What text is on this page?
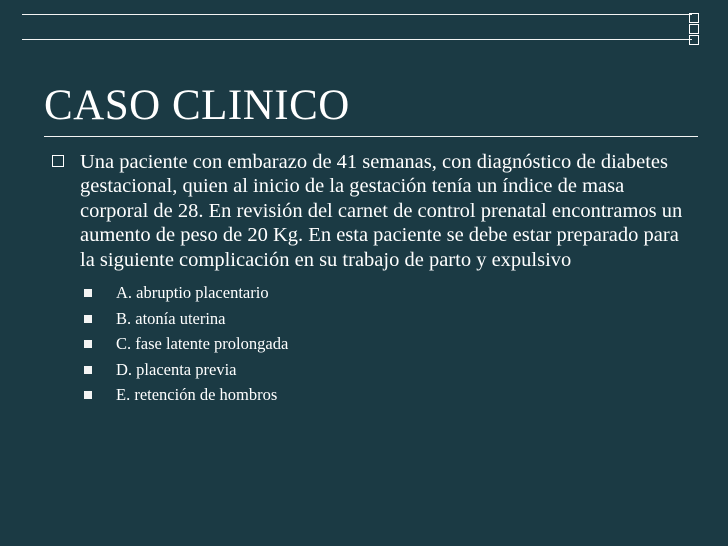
CASO CLINICO

Una paciente con embarazo de 41 semanas, con diagnóstico de diabetes gestacional, quien al inicio de la gestación tenía un índice de masa corporal de 28. En revisión del carnet de control prenatal encontramos un aumento de peso de 20 Kg. En esta paciente se debe estar preparado para la siguiente complicación en su trabajo de parto y expulsivo

A. abruptio placentario
B. atonía uterina
C. fase latente prolongada
D. placenta previa
E. retención de hombros
